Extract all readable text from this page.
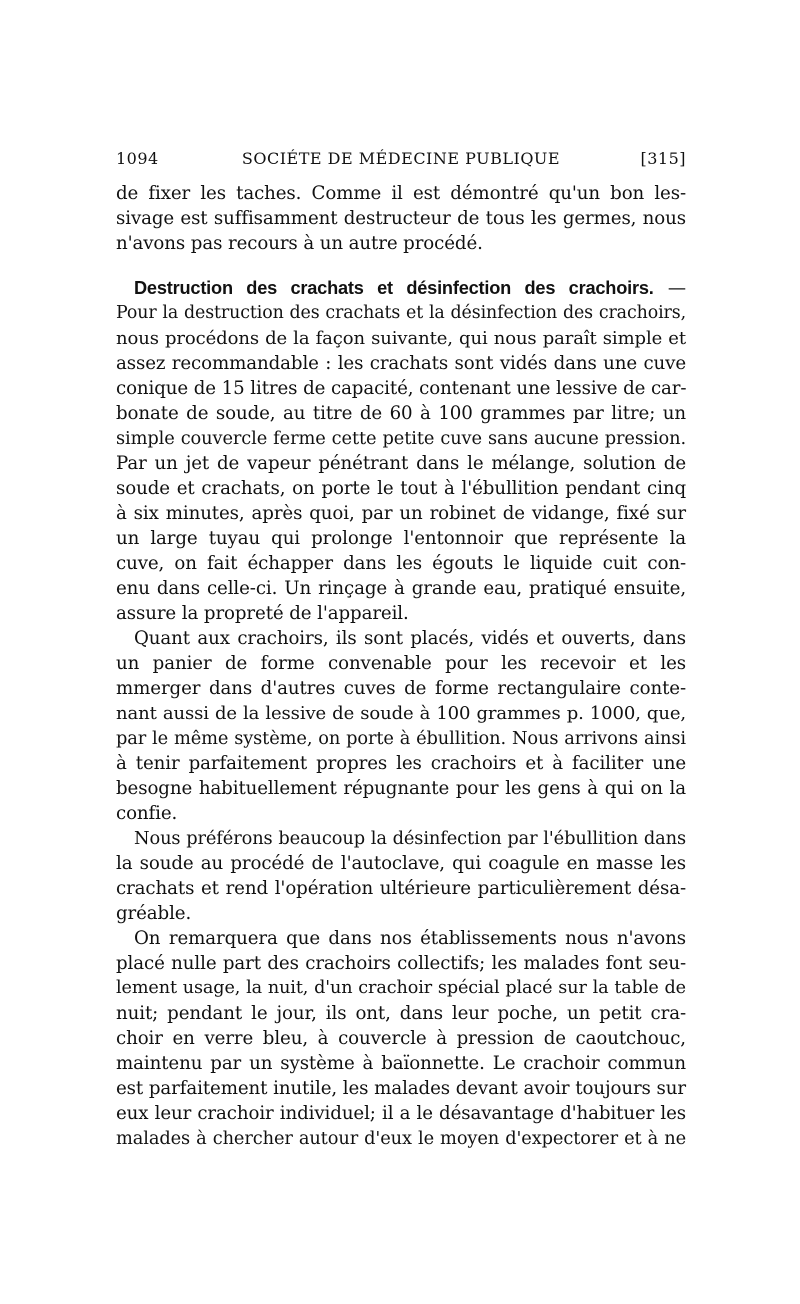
1094	SOCIÉTE DE MÉDECINE PUBLIQUE	[315]
de fixer les taches. Comme il est démontré qu'un bon les-
sivage est suffisamment destructeur de tous les germes, nous
n'avons pas recours à un autre procédé.
Destruction des crachats et désinfection des crachoirs. —
Pour la destruction des crachats et la désinfection des crachoirs,
nous procédons de la façon suivante, qui nous paraît simple et
assez recommandable : les crachats sont vidés dans une cuve
conique de 15 litres de capacité, contenant une lessive de car-
bonate de soude, au titre de 60 à 100 grammes par litre; un
simple couvercle ferme cette petite cuve sans aucune pression.
Par un jet de vapeur pénétrant dans le mélange, solution de
soude et crachats, on porte le tout à l'ébullition pendant cinq
à six minutes, après quoi, par un robinet de vidange, fixé sur
un large tuyau qui prolonge l'entonnoir que représente la
cuve, on fait échapper dans les égouts le liquide cuit con-
enu dans celle-ci. Un rinçage à grande eau, pratiqué ensuite,
assure la propreté de l'appareil.
Quant aux crachoirs, ils sont placés, vidés et ouverts, dans
un panier de forme convenable pour les recevoir et les
mmerger dans d'autres cuves de forme rectangulaire conte-
nant aussi de la lessive de soude à 100 grammes p. 1000, que,
par le même système, on porte à ébullition. Nous arrivons ainsi
à tenir parfaitement propres les crachoirs et à faciliter une
besogne habituellement répugnante pour les gens à qui on la
confie.
Nous préférons beaucoup la désinfection par l'ébullition dans
la soude au procédé de l'autoclave, qui coagule en masse les
crachats et rend l'opération ultérieure particulièrement désa-
gréable.
On remarquera que dans nos établissements nous n'avons
placé nulle part des crachoirs collectifs; les malades font seu-
lement usage, la nuit, d'un crachoir spécial placé sur la table de
nuit; pendant le jour, ils ont, dans leur poche, un petit cra-
choir en verre bleu, à couvercle à pression de caoutchouc,
maintenu par un système à baïonnette. Le crachoir commun
est parfaitement inutile, les malades devant avoir toujours sur
eux leur crachoir individuel; il a le désavantage d'habituer les
malades à chercher autour d'eux le moyen d'expectorer et à ne
